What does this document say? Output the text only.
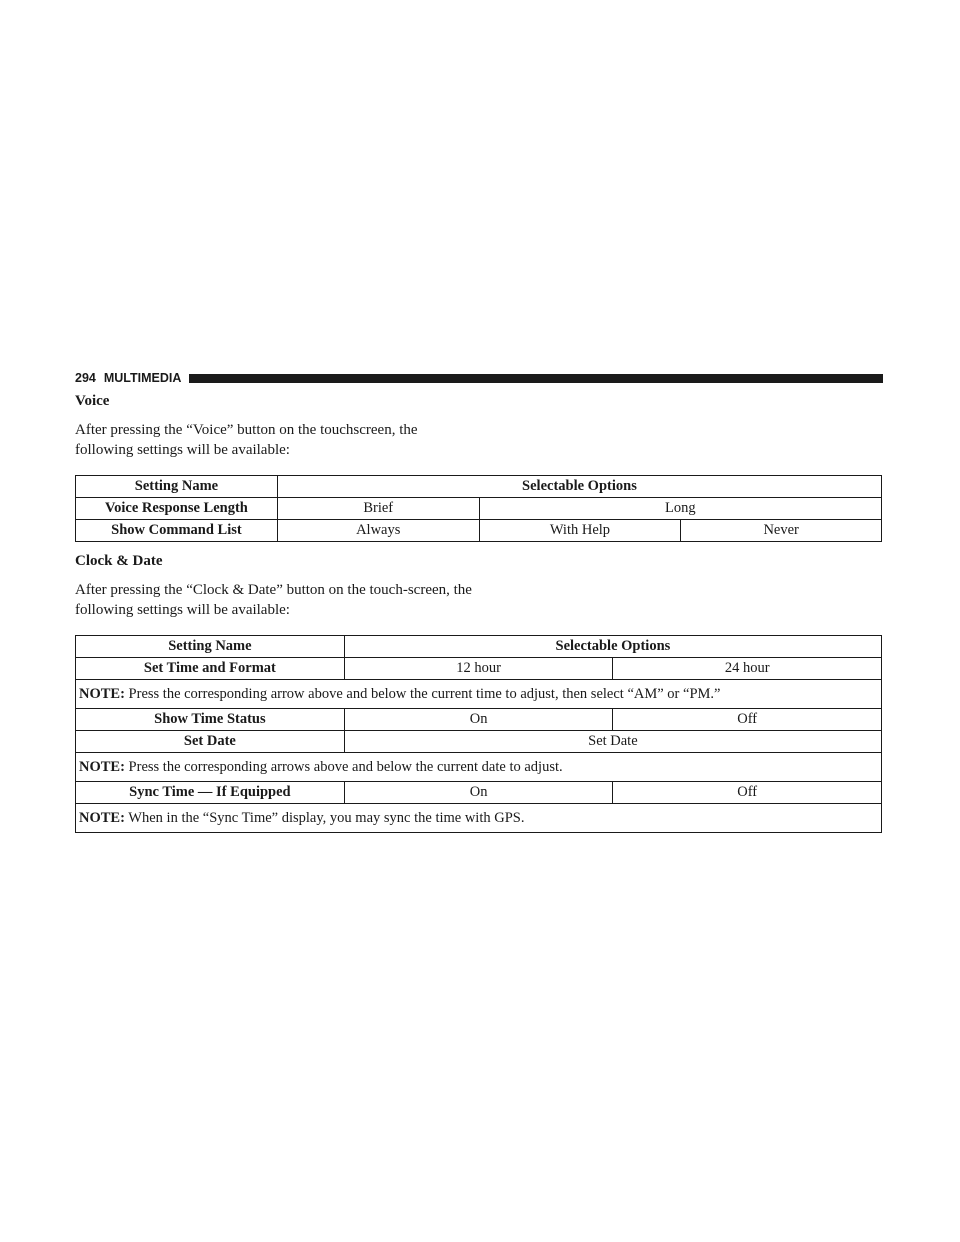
294 MULTIMEDIA
Voice
After pressing the “Voice” button on the touchscreen, the following settings will be available:
Setting Name	Selectable Options		
Voice Response Length	Brief	Long	
Show Command List	Always	With Help	Never
Clock & Date
After pressing the “Clock & Date” button on the touch-screen, the following settings will be available:
Setting Name	Selectable Options	
Set Time and Format	12 hour	24 hour
NOTE: Press the corresponding arrow above and below the current time to adjust, then select “AM” or “PM.”		
Show Time Status	On	Off
Set Date	Set Date	
NOTE: Press the corresponding arrows above and below the current date to adjust.		
Sync Time — If Equipped	On	Off
NOTE: When in the “Sync Time” display, you may sync the time with GPS.		
